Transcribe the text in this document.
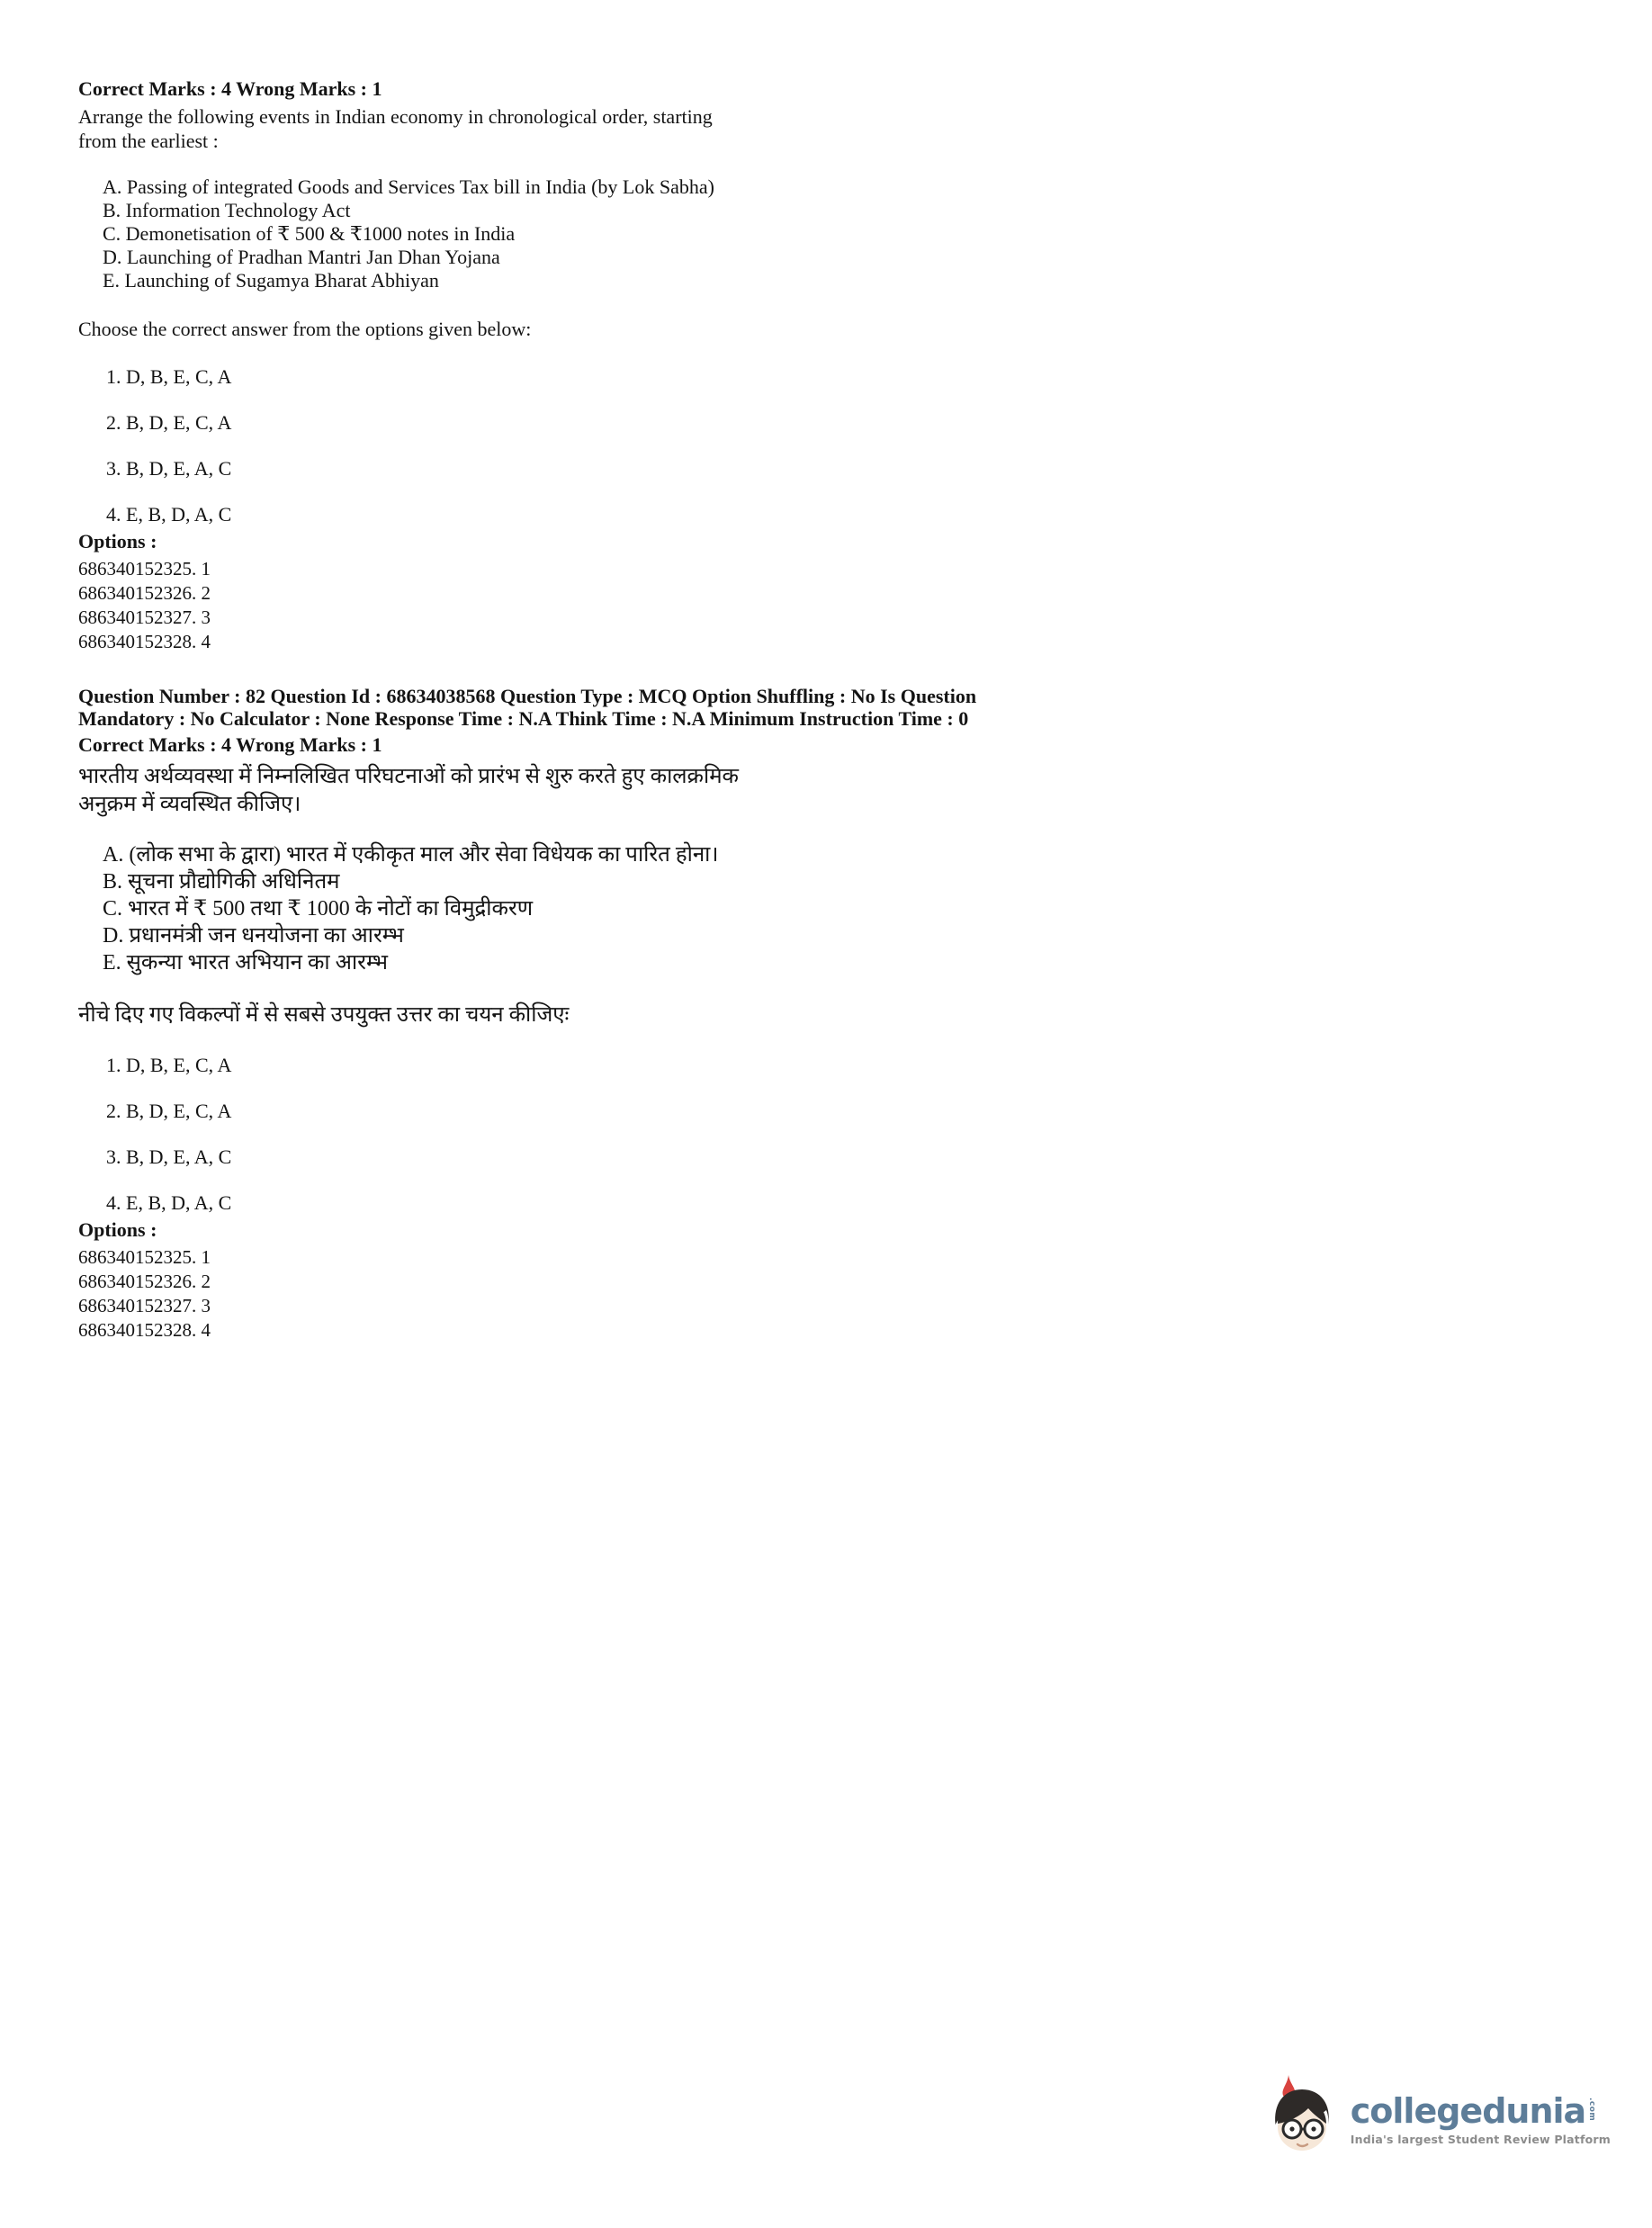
Correct Marks : 4 Wrong Marks : 1
Arrange the following events in Indian economy in chronological order, starting from the earliest :
A. Passing of integrated Goods and Services Tax bill in India (by Lok Sabha)
B. Information Technology Act
C. Demonetisation of ₹ 500 & ₹1000 notes in India
D. Launching of Pradhan Mantri Jan Dhan Yojana
E. Launching of Sugamya Bharat Abhiyan
Choose the correct answer from the options given below:
1. D, B, E, C, A
2. B, D, E, C, A
3. B, D, E, A, C
4. E, B, D, A, C
Options :
686340152325. 1
686340152326. 2
686340152327. 3
686340152328. 4
Question Number : 82 Question Id : 68634038568 Question Type : MCQ Option Shuffling : No Is Question Mandatory : No Calculator : None Response Time : N.A Think Time : N.A Minimum Instruction Time : 0
Correct Marks : 4 Wrong Marks : 1
भारतीय अर्थव्यवस्था में निम्नलिखित परिघटनाओं को प्रारंभ से शुरु करते हुए कालक्रमिक अनुक्रम में व्यवस्थित कीजिए।
A. (लोक सभा के द्वारा) भारत में एकीकृत माल और सेवा विधेयक का पारित होना।
B. सूचना प्रौद्योगिकी अधिनितम
C. भारत में ₹ 500 तथा ₹ 1000 के नोटों का विमुद्रीकरण
D. प्रधानमंत्री जन धनयोजना का आरम्भ
E. सुकन्या भारत अभियान का आरम्भ
नीचे दिए गए विकल्पों में से सबसे उपयुक्त उत्तर का चयन कीजिएः
1. D, B, E, C, A
2. B, D, E, C, A
3. B, D, E, A, C
4. E, B, D, A, C
Options :
686340152325. 1
686340152326. 2
686340152327. 3
686340152328. 4
collegedunia .com
India's largest Student Review Platform
